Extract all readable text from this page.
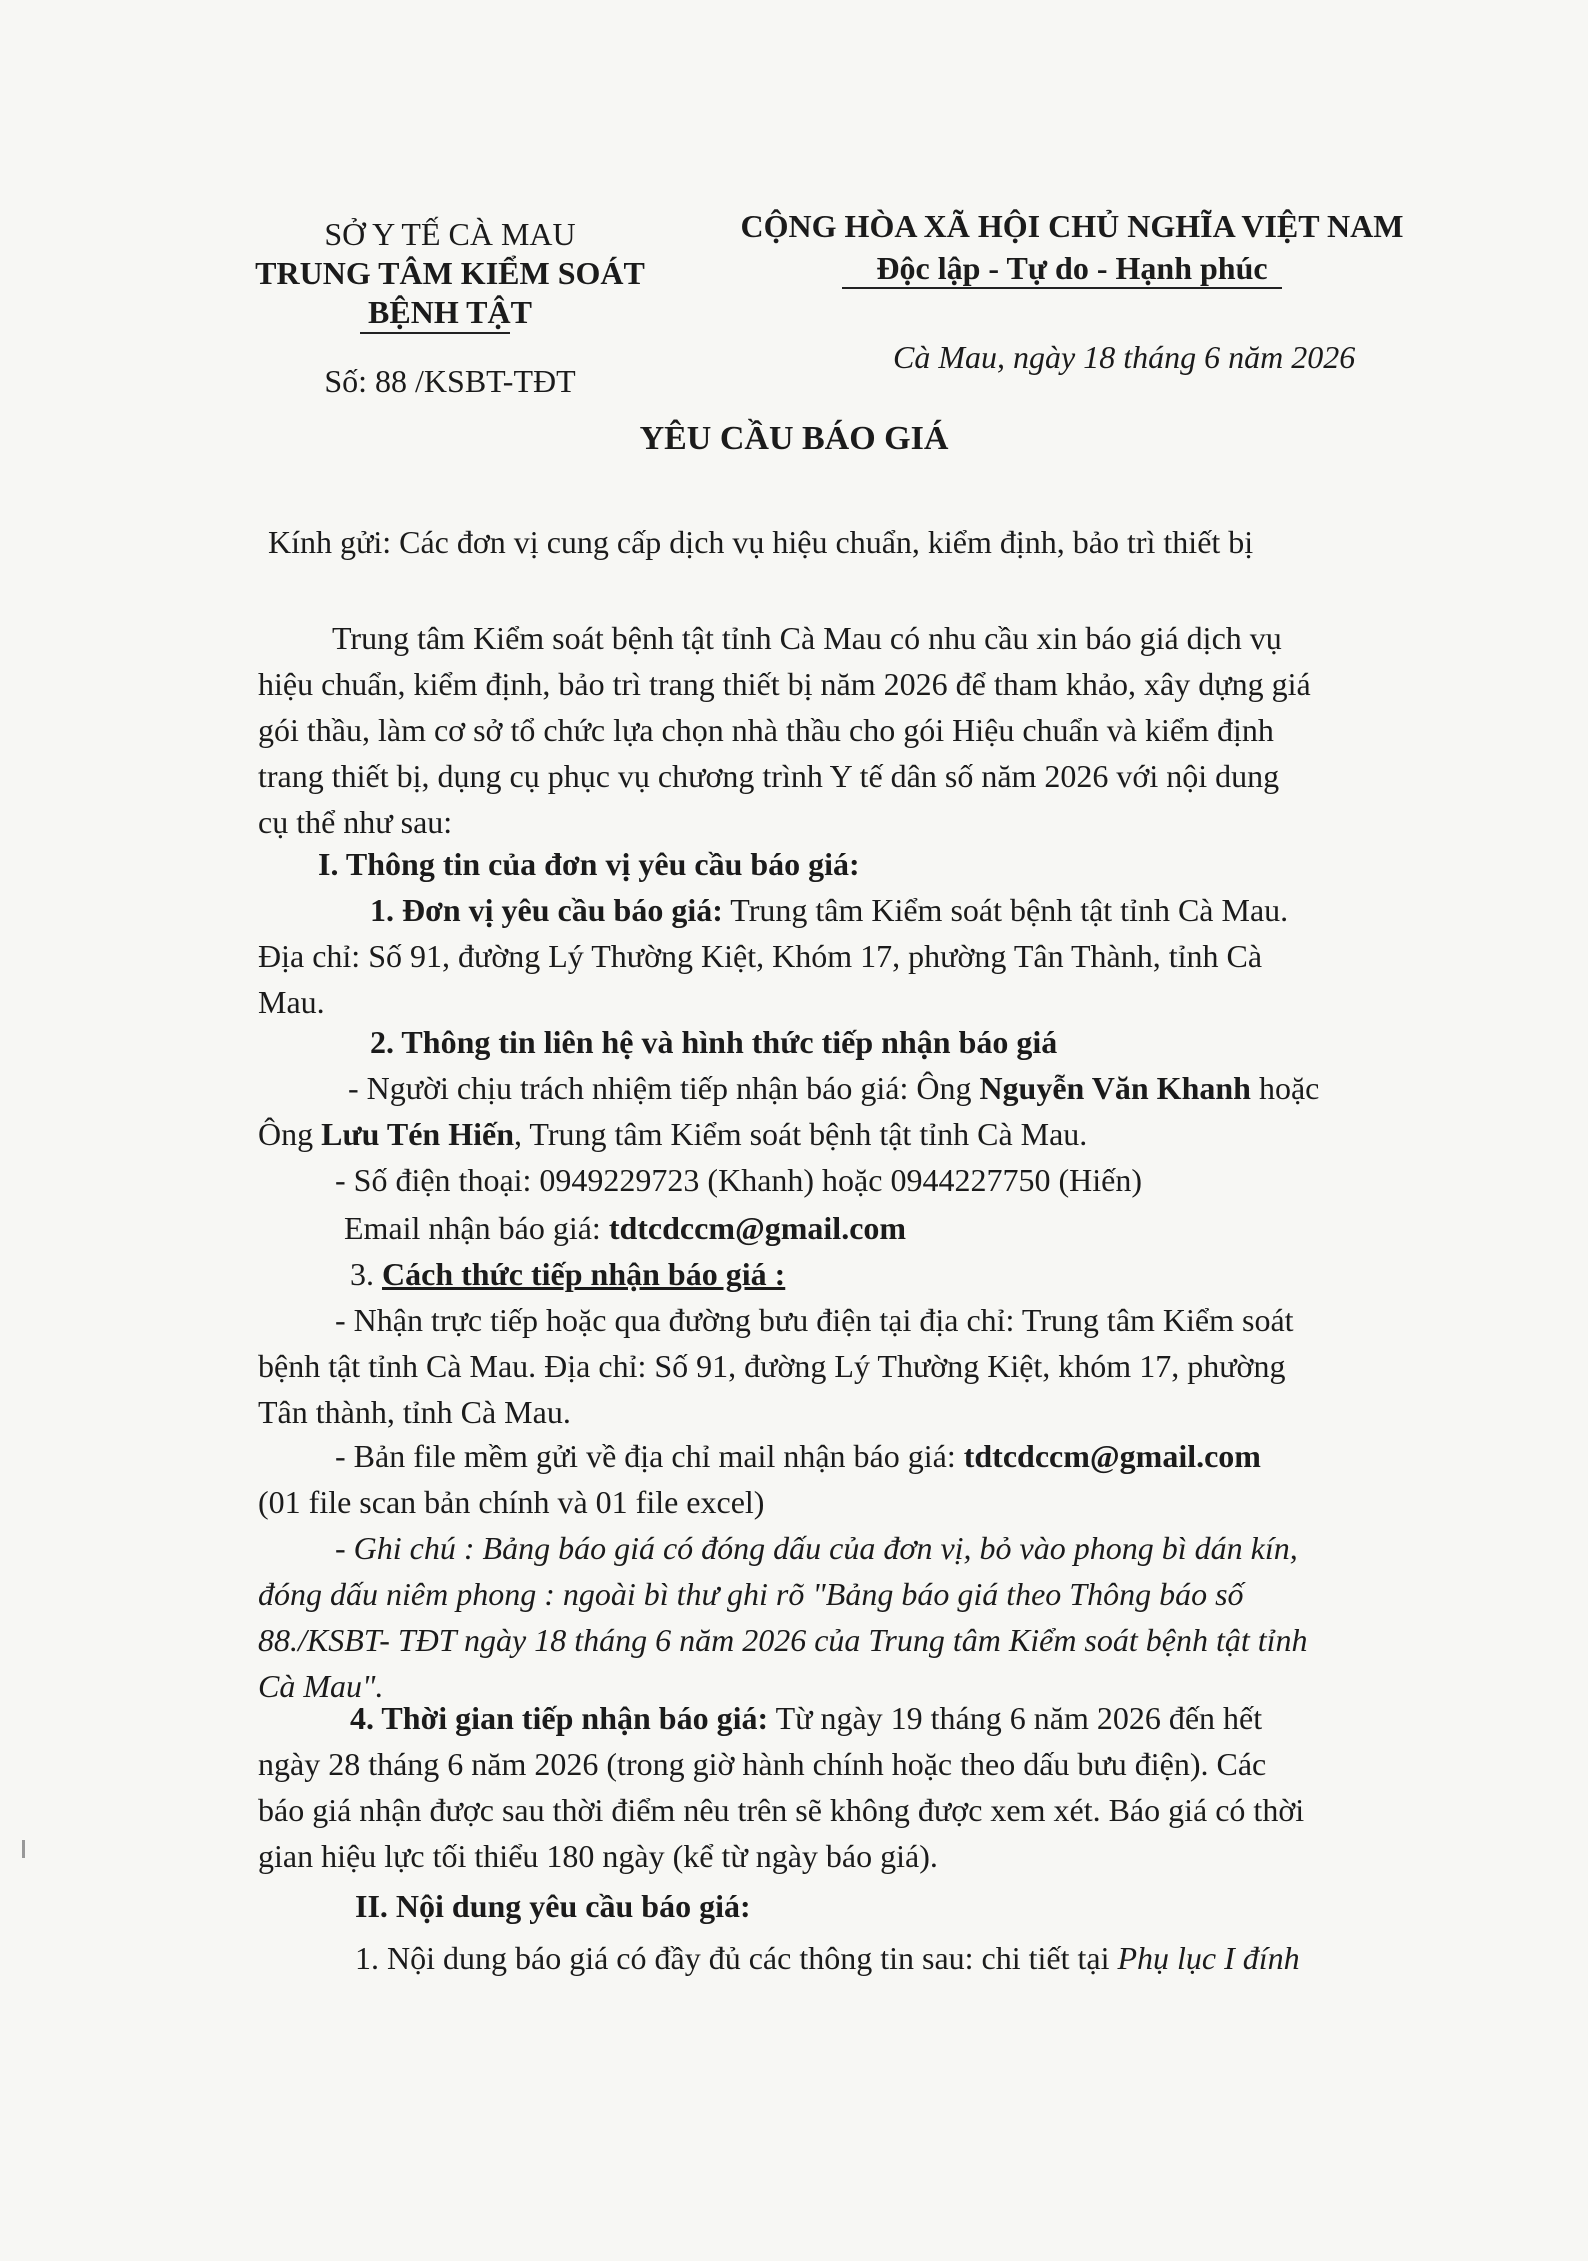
SỞ Y TẾ CÀ MAU
TRUNG TÂM KIỂM SOÁT
BỆNH TẬT
Số: 88 /KSBT-TĐT
CỘNG HÒA XÃ HỘI CHỦ NGHĨA VIỆT NAM
Độc lập - Tự do - Hạnh phúc
Cà Mau, ngày 18 tháng 6 năm 2026
YÊU CẦU BÁO GIÁ
Kính gửi: Các đơn vị cung cấp dịch vụ hiệu chuẩn, kiểm định, bảo trì thiết bị
Trung tâm Kiểm soát bệnh tật tỉnh Cà Mau có nhu cầu xin báo giá dịch vụ
hiệu chuẩn, kiểm định, bảo trì trang thiết bị năm 2026 để tham khảo, xây dựng giá
gói thầu, làm cơ sở tổ chức lựa chọn nhà thầu cho gói Hiệu chuẩn và kiểm định
trang thiết bị, dụng cụ phục vụ chương trình Y tế dân số năm 2026 với nội dung
cụ thể như sau:
I. Thông tin của đơn vị yêu cầu báo giá:
1. Đơn vị yêu cầu báo giá: Trung tâm Kiểm soát bệnh tật tỉnh Cà Mau.
Địa chỉ: Số 91, đường Lý Thường Kiệt, Khóm 17, phường Tân Thành, tỉnh Cà
Mau.
2. Thông tin liên hệ và hình thức tiếp nhận báo giá
- Người chịu trách nhiệm tiếp nhận báo giá: Ông Nguyễn Văn Khanh hoặc
Ông Lưu Tén Hiến, Trung tâm Kiểm soát bệnh tật tỉnh Cà Mau.
- Số điện thoại: 0949229723 (Khanh) hoặc 0944227750 (Hiến)
Email nhận báo giá: tdtcdccm@gmail.com
3. Cách thức tiếp nhận báo giá :
- Nhận trực tiếp hoặc qua đường bưu điện tại địa chỉ: Trung tâm Kiểm soát
bệnh tật tỉnh Cà Mau. Địa chỉ: Số 91, đường Lý Thường Kiệt, khóm 17, phường
Tân thành, tỉnh Cà Mau.
- Bản file mềm gửi về địa chỉ mail nhận báo giá: tdtcdccm@gmail.com
(01 file scan bản chính và 01 file excel)
- Ghi chú : Bảng báo giá có đóng dấu của đơn vị, bỏ vào phong bì dán kín,
đóng dấu niêm phong : ngoài bì thư ghi rõ "Bảng báo giá theo Thông báo số
88./KSBT- TĐT ngày 18 tháng 6 năm 2026 của Trung tâm Kiểm soát bệnh tật tỉnh
Cà Mau".
4. Thời gian tiếp nhận báo giá: Từ ngày 19 tháng 6 năm 2026 đến hết
ngày 28 tháng 6 năm 2026 (trong giờ hành chính hoặc theo dấu bưu điện). Các
báo giá nhận được sau thời điểm nêu trên sẽ không được xem xét. Báo giá có thời
gian hiệu lực tối thiểu 180 ngày (kể từ ngày báo giá).
II. Nội dung yêu cầu báo giá:
1. Nội dung báo giá có đầy đủ các thông tin sau: chi tiết tại Phụ lục I đính
